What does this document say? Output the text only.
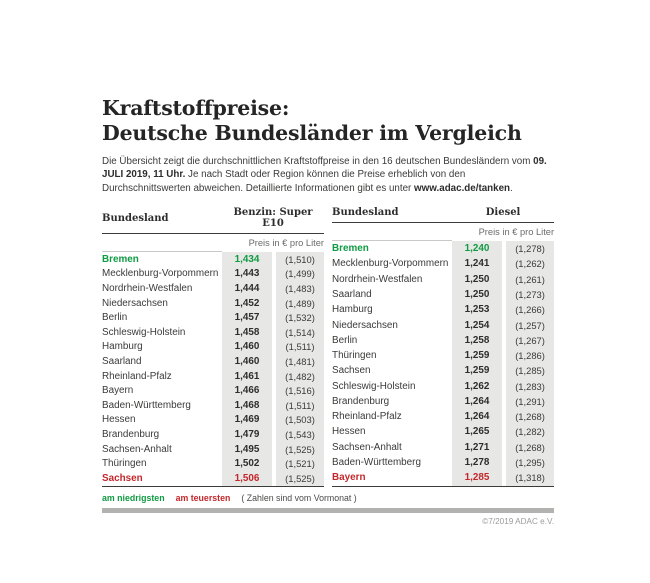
Kraftstoffpreise:
Deutsche Bundesländer im Vergleich

Die Übersicht zeigt die durchschnittlichen Kraftstoffpreise in den 16 deutschen Bundesländern vom 09. JULI 2019, 11 Uhr. Je nach Stadt oder Region können die Preise erheblich von den Durchschnittswerten abweichen. Detaillierte Informationen gibt es unter www.adac.de/tanken.

Bundesland	Benzin: Super E10		
	Preis in € pro Liter		
Bremen	1,434		(1,510)
Mecklenburg-Vorpommern	1,443		(1,499)
Nordrhein-Westfalen	1,444		(1,483)
Niedersachsen	1,452		(1,489)
Berlin	1,457		(1,532)
Schleswig-Holstein	1,458		(1,514)
Hamburg	1,460		(1,511)
Saarland	1,460		(1,481)
Rheinland-Pfalz	1,461		(1,482)
Bayern	1,466		(1,516)
Baden-Württemberg	1,468		(1,511)
Hessen	1,469		(1,503)
Brandenburg	1,479		(1,543)
Sachsen-Anhalt	1,495		(1,525)
Thüringen	1,502		(1,521)
Sachsen	1,506		(1,525)
Bundesland	Diesel		
	Preis in € pro Liter		
Bremen	1,240		(1,278)
Mecklenburg-Vorpommern	1,241		(1,262)
Nordrhein-Westfalen	1,250		(1,261)
Saarland	1,250		(1,273)
Hamburg	1,253		(1,266)
Niedersachsen	1,254		(1,257)
Berlin	1,258		(1,267)
Thüringen	1,259		(1,286)
Sachsen	1,259		(1,285)
Schleswig-Holstein	1,262		(1,283)
Brandenburg	1,264		(1,291)
Rheinland-Pfalz	1,264		(1,268)
Hessen	1,265		(1,282)
Sachsen-Anhalt	1,271		(1,268)
Baden-Württemberg	1,278		(1,295)
Bayern	1,285		(1,318)
am niedrigsten am teuersten ( Zahlen sind vom Vormonat )
©7/2019 ADAC e.V.
